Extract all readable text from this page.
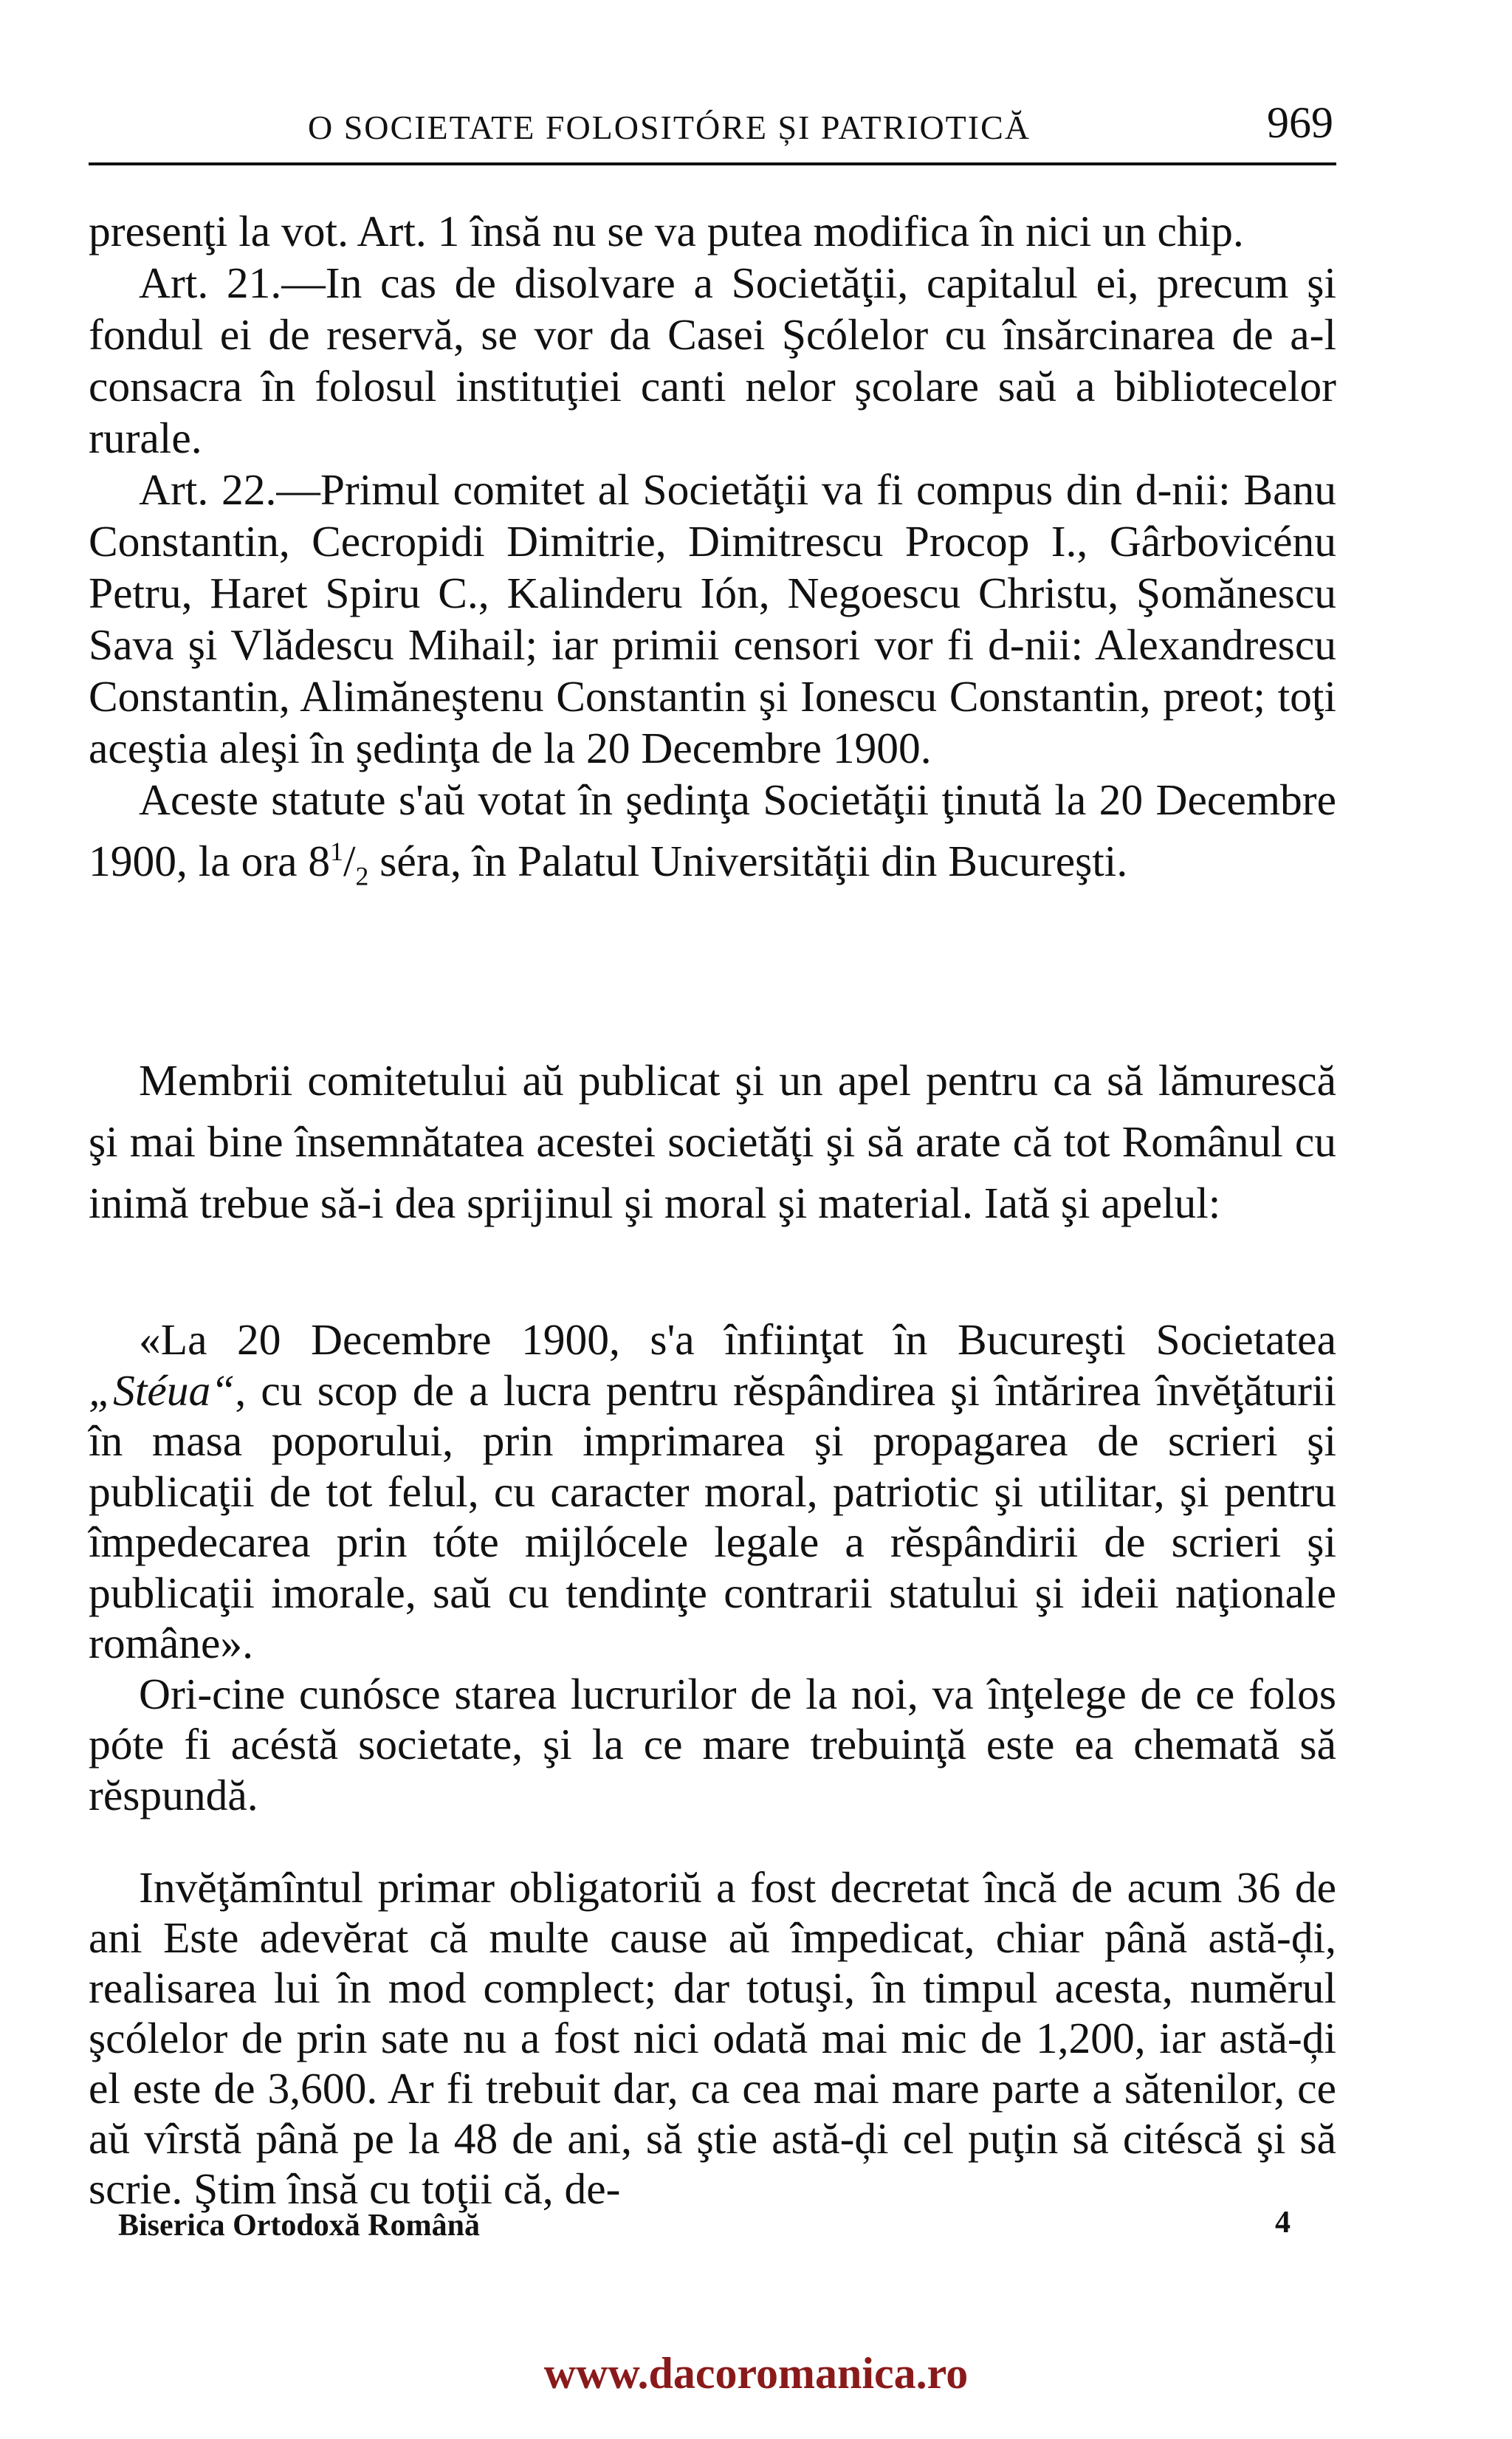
O SOCIETATE FOLOSITÓRE ȘI PATRIOTICĂ	969
presenţi la vot. Art. 1 însă nu se va putea modifica în nici un chip.
Art. 21.—In cas de disolvare a Societăţii, capitalul ei, precum şi fondul ei de reservă, se vor da Casei Şcólelor cu însărcinarea de a-l consacra în folosul instituţiei canti nelor şcolare saŭ a bibliotecelor rurale.
Art. 22.—Primul comitet al Societăţii va fi compus din d-nii: Banu Constantin, Cecropidi Dimitrie, Dimitrescu Procop I., Gârbovicénu Petru, Haret Spiru C., Kalinderu Ión, Negoescu Christu, Şomănescu Sava şi Vlădescu Mihail; iar primii censori vor fi d-nii: Alexandrescu Constantin, Alimăneştenu Constantin şi Ionescu Constantin, preot; toţi aceştia aleşi în şedinţa de la 20 Decembre 1900.
Aceste statute s'aŭ votat în şedinţa Societăţii ţinută la 20 Decembre 1900, la ora $8^1/_2$ séra, în Palatul Universităţii din Bucureşti.
Membrii comitetului aŭ publicat şi un apel pentru ca să lămurescă şi mai bine însemnătatea acestei societăţi şi să arate că tot Românul cu inimă trebue să-i dea sprijinul şi moral şi material. Iată şi apelul:
«La 20 Decembre 1900, s'a înfiinţat în Bucureşti Societatea „Stéua“, cu scop de a lucra pentru rĕspândirea şi întărirea învĕţăturii în masa poporului, prin imprimarea şi propagarea de scrieri şi publicaţii de tot felul, cu caracter moral, patriotic şi utilitar, şi pentru împedecarea prin tóte mijlócele legale a rĕspândirii de scrieri şi publicaţii imorale, saŭ cu tendinţe contrarii statului şi ideii naţionale române».
Ori-cine cunósce starea lucrurilor de la noi, va înţelege de ce folos póte fi acéstă societate, şi la ce mare trebuinţă este ea chemată să rĕspundă.
Invĕţămîntul primar obligatoriŭ a fost decretat încă de acum 36 de ani Este adevĕrat că multe cause aŭ împedicat, chiar până astă-ḑi, realisarea lui în mod complect; dar totuşi, în timpul acesta, numĕrul şcólelor de prin sate nu a fost nici odată mai mic de 1,200, iar astă-ḑi el este de 3,600. Ar fi trebuit dar, ca cea mai mare parte a sătenilor, ce aŭ vîrstă până pe la 48 de ani, să ştie astă-ḑi cel puţin să citéscă şi să scrie. Ştim însă cu toţii că, de-
Biserica Ortodoxă Română	4
www.dacoromanica.ro
